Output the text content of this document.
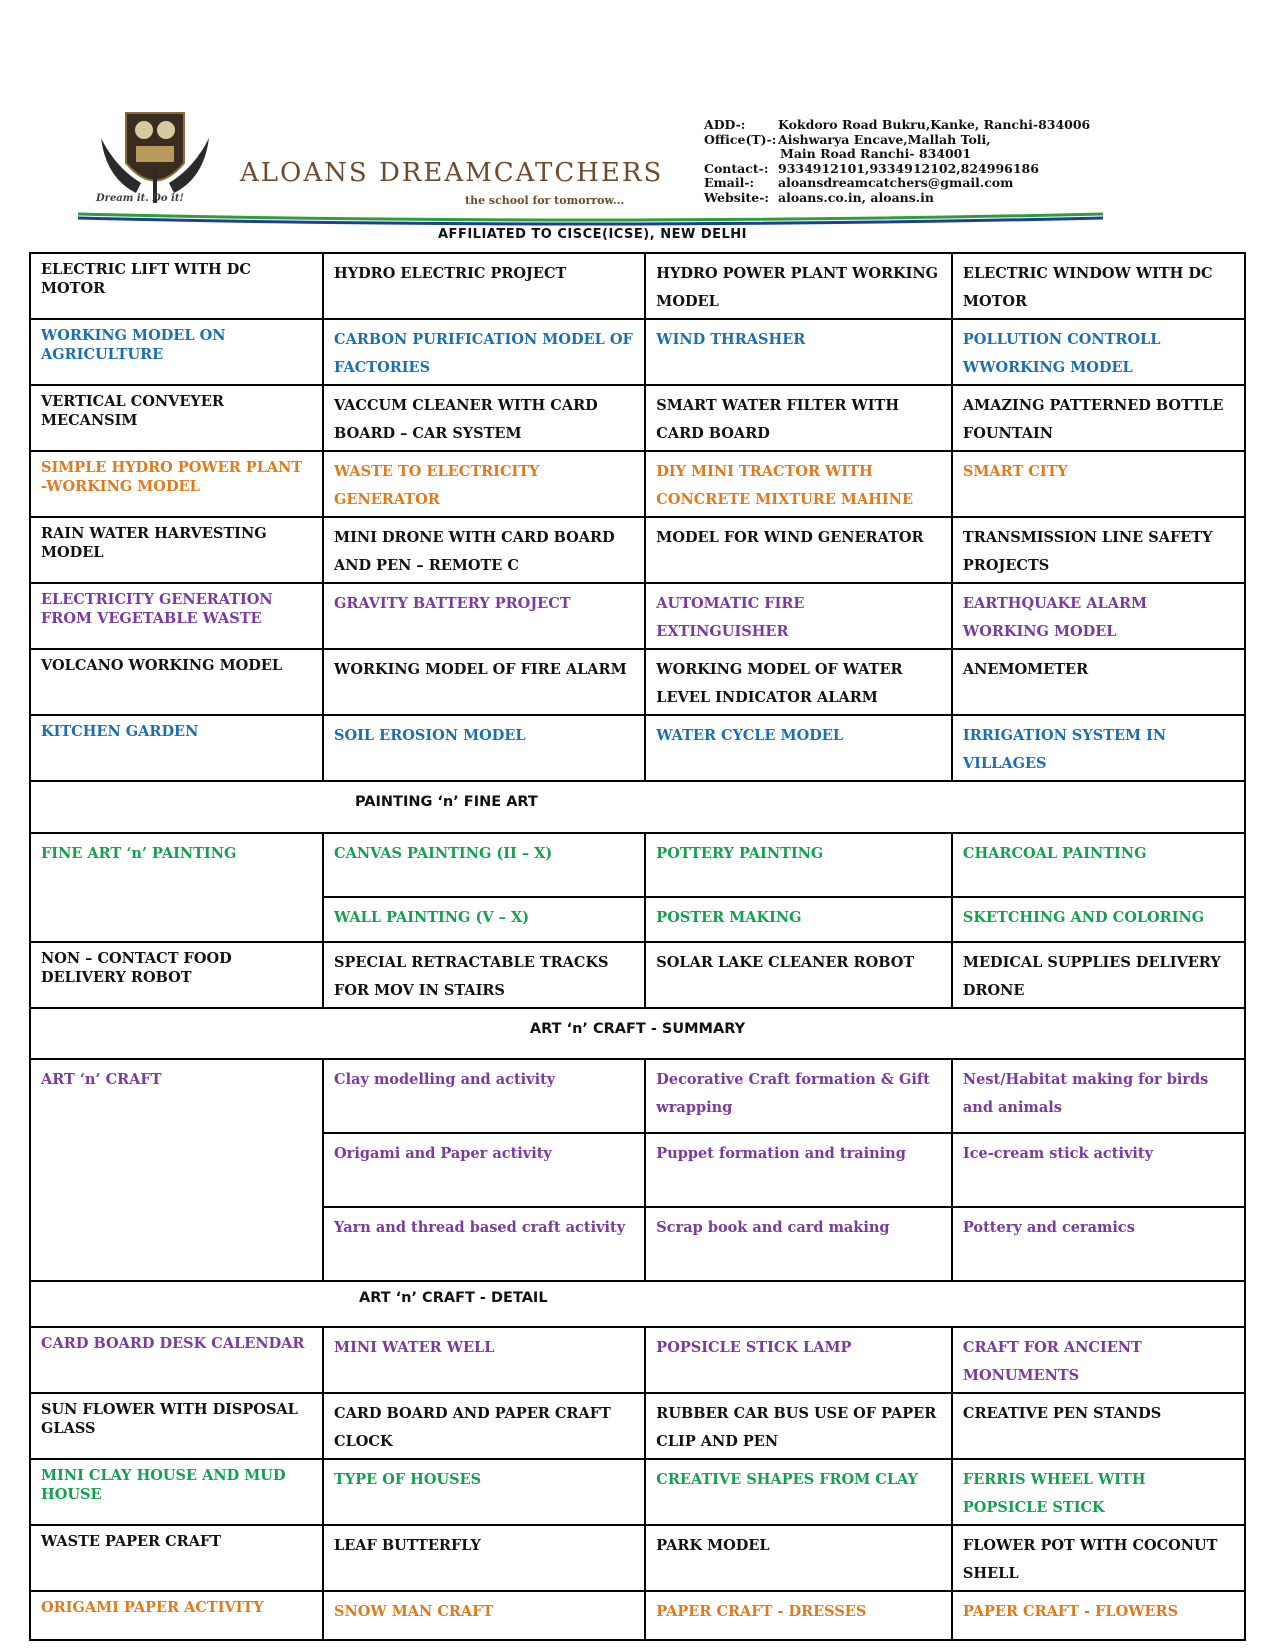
Dream it. Do it!
ALOANS DREAMCATCHERS
the school for tomorrow...
ADD-:	Kokdoro Road Bukru,Kanke, Ranchi-834006
Office(T)-: Aishwarya Encave,Mallah Toli,
Main Road Ranchi- 834001
Contact-: 9334912101,9334912102,824996186
Email-: aloansdreamcatchers@gmail.com
Website-: aloans.co.in, aloans.in
AFFILIATED TO CISCE(ICSE), NEW DELHI
ELECTRIC LIFT WITH DC MOTOR	HYDRO ELECTRIC PROJECT	HYDRO POWER PLANT WORKING MODEL	ELECTRIC WINDOW WITH DC MOTOR
WORKING MODEL ON AGRICULTURE	CARBON PURIFICATION MODEL OF FACTORIES	WIND THRASHER	POLLUTION CONTROLL WWORKING MODEL
VERTICAL CONVEYER MECANSIM	VACCUM CLEANER WITH CARD BOARD – CAR SYSTEM	SMART WATER FILTER WITH CARD BOARD	AMAZING PATTERNED BOTTLE FOUNTAIN
SIMPLE HYDRO POWER PLANT -WORKING MODEL	WASTE TO ELECTRICITY GENERATOR	DIY MINI TRACTOR WITH CONCRETE MIXTURE MAHINE	SMART CITY
RAIN WATER HARVESTING MODEL	MINI DRONE WITH CARD BOARD AND PEN – REMOTE C	MODEL FOR WIND GENERATOR	TRANSMISSION LINE SAFETY PROJECTS
ELECTRICITY GENERATION FROM VEGETABLE WASTE	GRAVITY BATTERY PROJECT	AUTOMATIC FIRE EXTINGUISHER	EARTHQUAKE ALARM WORKING MODEL
VOLCANO WORKING MODEL	WORKING MODEL OF FIRE ALARM	WORKING MODEL OF WATER LEVEL INDICATOR ALARM	ANEMOMETER
KITCHEN GARDEN	SOIL EROSION MODEL	WATER CYCLE MODEL	IRRIGATION SYSTEM IN VILLAGES
PAINTING ‘n’ FINE ART			
FINE ART ‘n’ PAINTING	CANVAS PAINTING (II – X)	POTTERY PAINTING	CHARCOAL PAINTING
	WALL PAINTING (V – X)	POSTER MAKING	SKETCHING AND COLORING
NON – CONTACT FOOD DELIVERY ROBOT	SPECIAL RETRACTABLE TRACKS FOR MOV IN STAIRS	SOLAR LAKE CLEANER ROBOT	MEDICAL SUPPLIES DELIVERY DRONE
ART ‘n’ CRAFT - SUMMARY			
ART ‘n’ CRAFT	Clay modelling and activity	Decorative Craft formation & Gift wrapping	Nest/Habitat making for birds and animals
	Origami and Paper activity	Puppet formation and training	Ice-cream stick activity
	Yarn and thread based craft activity	Scrap book and card making	Pottery and ceramics
ART ‘n’ CRAFT - DETAIL			
CARD BOARD DESK CALENDAR	MINI WATER WELL	POPSICLE STICK LAMP	CRAFT FOR ANCIENT MONUMENTS
SUN FLOWER WITH DISPOSAL GLASS	CARD BOARD AND PAPER CRAFT CLOCK	RUBBER CAR BUS USE OF PAPER CLIP AND PEN	CREATIVE PEN STANDS
MINI CLAY HOUSE AND MUD HOUSE	TYPE OF HOUSES	CREATIVE SHAPES FROM CLAY	FERRIS WHEEL WITH POPSICLE STICK
WASTE PAPER CRAFT	LEAF BUTTERFLY	PARK MODEL	FLOWER POT WITH COCONUT SHELL
ORIGAMI PAPER ACTIVITY	SNOW MAN CRAFT	PAPER CRAFT - DRESSES	PAPER CRAFT - FLOWERS
